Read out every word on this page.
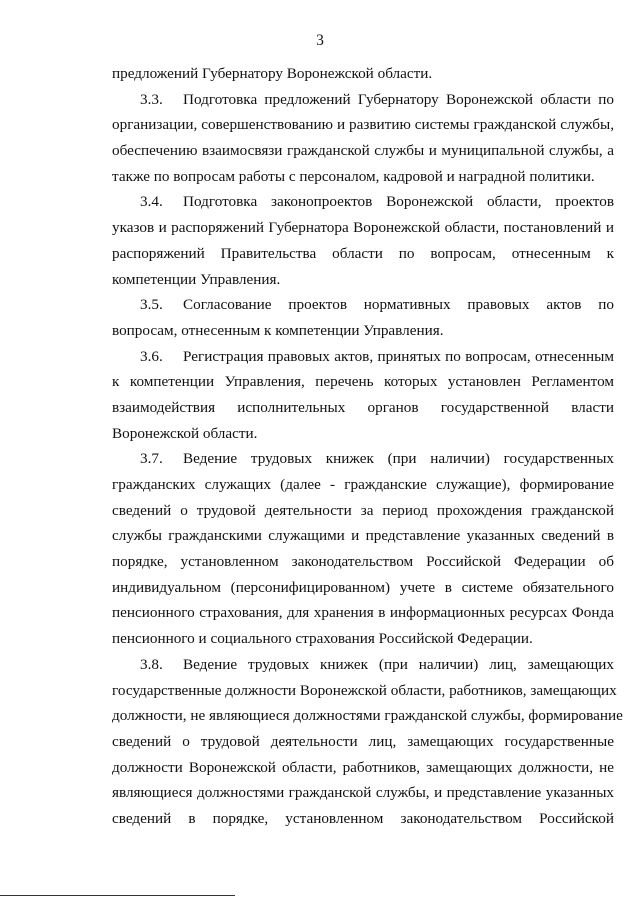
3
предложений Губернатору Воронежской области.
3.3. Подготовка предложений Губернатору Воронежской области по
организации, совершенствованию и развитию системы гражданской службы,
обеспечению взаимосвязи гражданской службы и муниципальной службы, а
также по вопросам работы с персоналом, кадровой и наградной политики.
3.4. Подготовка законопроектов Воронежской области, проектов
указов и распоряжений Губернатора Воронежской области, постановлений и
распоряжений Правительства области по вопросам, отнесенным к
компетенции Управления.
3.5. Согласование проектов нормативных правовых актов по
вопросам, отнесенным к компетенции Управления.
3.6. Регистрация правовых актов, принятых по вопросам, отнесенным
к компетенции Управления, перечень которых установлен Регламентом
взаимодействия исполнительных органов государственной власти
Воронежской области.
3.7. Ведение трудовых книжек (при наличии) государственных
гражданских служащих (далее - гражданские служащие), формирование
сведений о трудовой деятельности за период прохождения гражданской
службы гражданскими служащими и представление указанных сведений в
порядке, установленном законодательством Российской Федерации об
индивидуальном (персонифицированном) учете в системе обязательного
пенсионного страхования, для хранения в информационных ресурсах Фонда
пенсионного и социального страхования Российской Федерации.
3.8. Ведение трудовых книжек (при наличии) лиц, замещающих
государственные должности Воронежской области, работников, замещающих
должности, не являющиеся должностями гражданской службы, формирование
сведений о трудовой деятельности лиц, замещающих государственные
должности Воронежской области, работников, замещающих должности, не
являющиеся должностями гражданской службы, и представление указанных
сведений в порядке, установленном законодательством Российской
